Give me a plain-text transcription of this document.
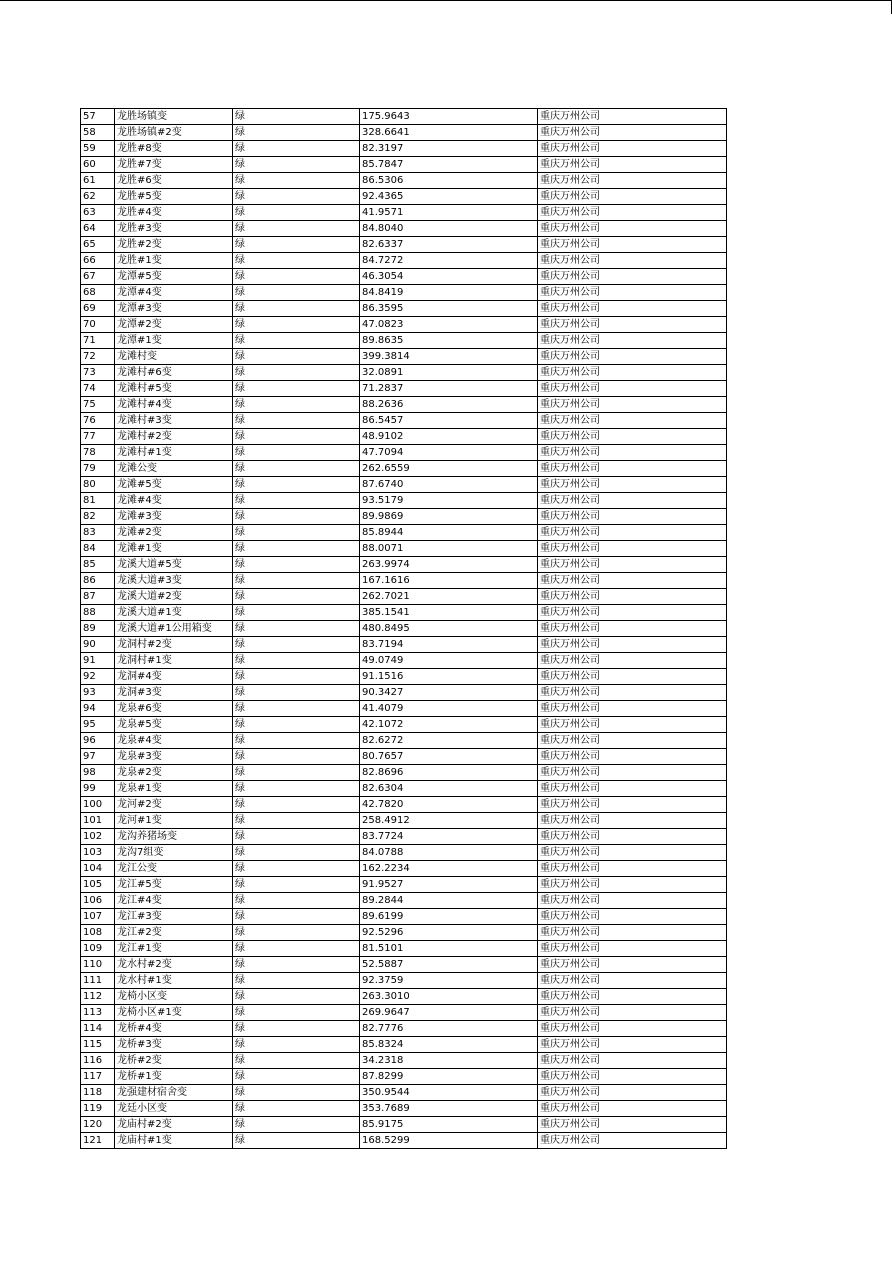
57	龙胜场镇变	绿	175.9643	重庆万州公司
58	龙胜场镇#2变	绿	328.6641	重庆万州公司
59	龙胜#8变	绿	82.3197	重庆万州公司
60	龙胜#7变	绿	85.7847	重庆万州公司
61	龙胜#6变	绿	86.5306	重庆万州公司
62	龙胜#5变	绿	92.4365	重庆万州公司
63	龙胜#4变	绿	41.9571	重庆万州公司
64	龙胜#3变	绿	84.8040	重庆万州公司
65	龙胜#2变	绿	82.6337	重庆万州公司
66	龙胜#1变	绿	84.7272	重庆万州公司
67	龙潭#5变	绿	46.3054	重庆万州公司
68	龙潭#4变	绿	84.8419	重庆万州公司
69	龙潭#3变	绿	86.3595	重庆万州公司
70	龙潭#2变	绿	47.0823	重庆万州公司
71	龙潭#1变	绿	89.8635	重庆万州公司
72	龙滩村变	绿	399.3814	重庆万州公司
73	龙滩村#6变	绿	32.0891	重庆万州公司
74	龙滩村#5变	绿	71.2837	重庆万州公司
75	龙滩村#4变	绿	88.2636	重庆万州公司
76	龙滩村#3变	绿	86.5457	重庆万州公司
77	龙滩村#2变	绿	48.9102	重庆万州公司
78	龙滩村#1变	绿	47.7094	重庆万州公司
79	龙滩公变	绿	262.6559	重庆万州公司
80	龙滩#5变	绿	87.6740	重庆万州公司
81	龙滩#4变	绿	93.5179	重庆万州公司
82	龙滩#3变	绿	89.9869	重庆万州公司
83	龙滩#2变	绿	85.8944	重庆万州公司
84	龙滩#1变	绿	88.0071	重庆万州公司
85	龙溪大道#5变	绿	263.9974	重庆万州公司
86	龙溪大道#3变	绿	167.1616	重庆万州公司
87	龙溪大道#2变	绿	262.7021	重庆万州公司
88	龙溪大道#1变	绿	385.1541	重庆万州公司
89	龙溪大道#1公用箱变	绿	480.8495	重庆万州公司
90	龙洞村#2变	绿	83.7194	重庆万州公司
91	龙洞村#1变	绿	49.0749	重庆万州公司
92	龙洞#4变	绿	91.1516	重庆万州公司
93	龙洞#3变	绿	90.3427	重庆万州公司
94	龙泉#6变	绿	41.4079	重庆万州公司
95	龙泉#5变	绿	42.1072	重庆万州公司
96	龙泉#4变	绿	82.6272	重庆万州公司
97	龙泉#3变	绿	80.7657	重庆万州公司
98	龙泉#2变	绿	82.8696	重庆万州公司
99	龙泉#1变	绿	82.6304	重庆万州公司
100	龙河#2变	绿	42.7820	重庆万州公司
101	龙河#1变	绿	258.4912	重庆万州公司
102	龙沟养猪场变	绿	83.7724	重庆万州公司
103	龙沟7组变	绿	84.0788	重庆万州公司
104	龙江公变	绿	162.2234	重庆万州公司
105	龙江#5变	绿	91.9527	重庆万州公司
106	龙江#4变	绿	89.2844	重庆万州公司
107	龙江#3变	绿	89.6199	重庆万州公司
108	龙江#2变	绿	92.5296	重庆万州公司
109	龙江#1变	绿	81.5101	重庆万州公司
110	龙水村#2变	绿	52.5887	重庆万州公司
111	龙水村#1变	绿	92.3759	重庆万州公司
112	龙椅小区变	绿	263.3010	重庆万州公司
113	龙椅小区#1变	绿	269.9647	重庆万州公司
114	龙桥#4变	绿	82.7776	重庆万州公司
115	龙桥#3变	绿	85.8324	重庆万州公司
116	龙桥#2变	绿	34.2318	重庆万州公司
117	龙桥#1变	绿	87.8299	重庆万州公司
118	龙强建材宿舍变	绿	350.9544	重庆万州公司
119	龙廷小区变	绿	353.7689	重庆万州公司
120	龙庙村#2变	绿	85.9175	重庆万州公司
121	龙庙村#1变	绿	168.5299	重庆万州公司
